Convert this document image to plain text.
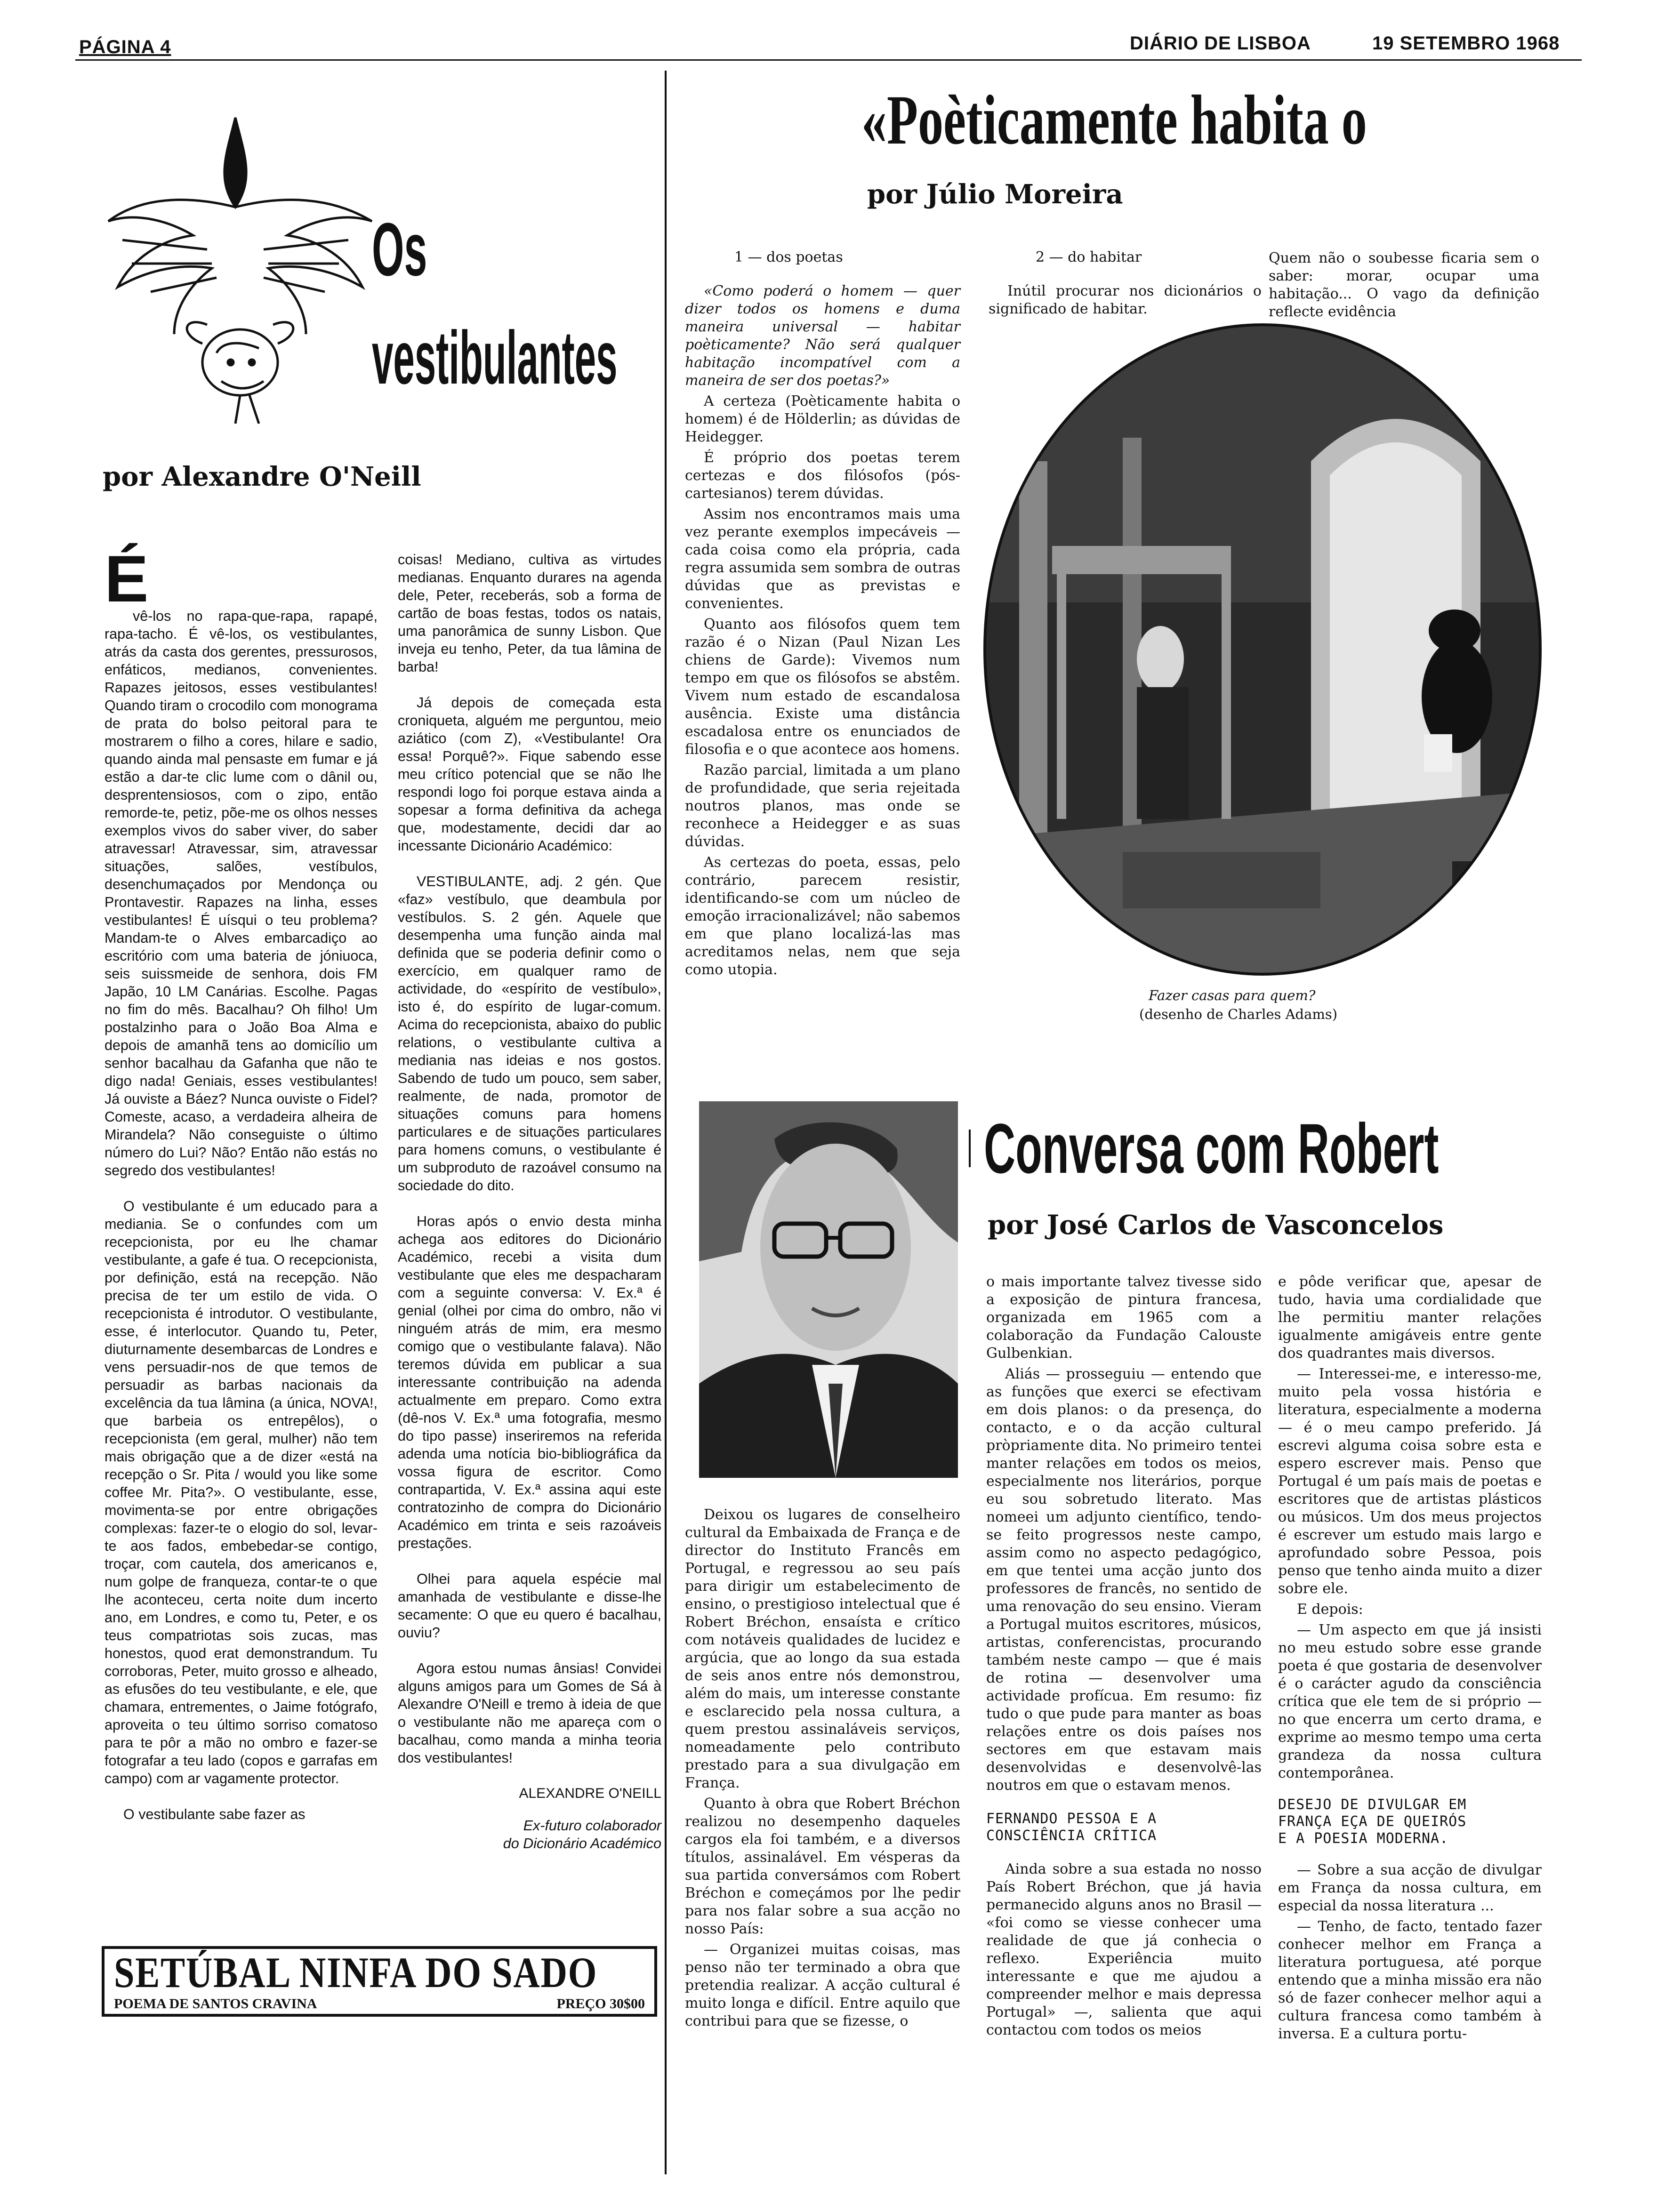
PÁGINA 4	DIÁRIO DE LISBOA	19 SETEMBRO 1968
Os
vestibulantes
por Alexandre O'Neill
É

vê-los no rapa-que-rapa, rapapé, rapa-tacho. É vê-los, os vestibulantes, atrás da casta dos gerentes, pressurosos, enfáticos, medianos, convenientes. Rapazes jeitosos, esses vestibulantes! Quando tiram o crocodilo com monograma de prata do bolso peitoral para te mostrarem o filho a cores, hilare e sadio, quando ainda mal pensaste em fumar e já estão a dar-te clic lume com o dânil ou, desprentensiosos, com o zipo, então remorde-te, petiz, põe-me os olhos nesses exemplos vivos do saber viver, do saber atravessar! Atravessar, sim, atravessar situações, salões, vestíbulos, desenchumaçados por Mendonça ou Prontavestir. Rapazes na linha, esses vestibulantes! É uísqui o teu problema? Mandam-te o Alves embarcadiço ao escritório com uma bateria de jóniuoca, seis suissmeide de senhora, dois FM Japão, 10 LM Canárias. Escolhe. Pagas no fim do mês. Bacalhau? Oh filho! Um postalzinho para o João Boa Alma e depois de amanhã tens ao domicílio um senhor bacalhau da Gafanha que não te digo nada! Geniais, esses vestibulantes! Já ouviste a Báez? Nunca ouviste o Fidel? Comeste, acaso, a verdadeira alheira de Mirandela? Não conseguiste o último número do Lui? Não? Então não estás no segredo dos vestibulantes!

O vestibulante é um educado para a mediania. Se o confundes com um recepcionista, por eu lhe chamar vestibulante, a gafe é tua. O recepcionista, por definição, está na recepção. Não precisa de ter um estilo de vida. O recepcionista é introdutor. O vestibulante, esse, é interlocutor. Quando tu, Peter, diuturnamente desembarcas de Londres e vens persuadir-nos de que temos de persuadir as barbas nacionais da excelência da tua lâmina (a única, NOVA!, que barbeia os entrepêlos), o recepcionista (em geral, mulher) não tem mais obrigação que a de dizer «está na recepção o Sr. Pita / would you like some coffee Mr. Pita?». O vestibulante, esse, movimenta-se por entre obrigações complexas: fazer-te o elogio do sol, levar-te aos fados, embebedar-se contigo, troçar, com cautela, dos americanos e, num golpe de franqueza, contar-te o que lhe aconteceu, certa noite dum incerto ano, em Londres, e como tu, Peter, e os teus compatriotas sois zucas, mas honestos, quod erat demonstrandum. Tu corroboras, Peter, muito grosso e alheado, as efusões do teu vestibulante, e ele, que chamara, entrementes, o Jaime fotógrafo, aproveita o teu último sorriso comatoso para te pôr a mão no ombro e fazer-se fotografar a teu lado (copos e garrafas em campo) com ar vagamente protector.

O vestibulante sabe fazer as

coisas! Mediano, cultiva as virtudes medianas. Enquanto durares na agenda dele, Peter, receberás, sob a forma de cartão de boas festas, todos os natais, uma panorâmica de sunny Lisbon. Que inveja eu tenho, Peter, da tua lâmina de barba!

Já depois de começada esta croniqueta, alguém me perguntou, meio aziático (com Z), «Vestibulante! Ora essa! Porquê?». Fique sabendo esse meu crítico potencial que se não lhe respondi logo foi porque estava ainda a sopesar a forma definitiva da achega que, modestamente, decidi dar ao incessante Dicionário Académico:

VESTIBULANTE, adj. 2 gén. Que «faz» vestíbulo, que deambula por vestíbulos. S. 2 gén. Aquele que desempenha uma função ainda mal definida que se poderia definir como o exercício, em qualquer ramo de actividade, do «espírito de vestíbulo», isto é, do espírito de lugar-comum. Acima do recepcionista, abaixo do public relations, o vestibulante cultiva a mediania nas ideias e nos gostos. Sabendo de tudo um pouco, sem saber, realmente, de nada, promotor de situações comuns para homens particulares e de situações particulares para homens comuns, o vestibulante é um subproduto de razoável consumo na sociedade do dito.

Horas após o envio desta minha achega aos editores do Dicionário Académico, recebi a visita dum vestibulante que eles me despacharam com a seguinte conversa: V. Ex.ª é genial (olhei por cima do ombro, não vi ninguém atrás de mim, era mesmo comigo que o vestibulante falava). Não teremos dúvida em publicar a sua interessante contribuição na adenda actualmente em preparo. Como extra (dê-nos V. Ex.ª uma fotografia, mesmo do tipo passe) inseriremos na referida adenda uma notícia bio-bibliográfica da vossa figura de escritor. Como contrapartida, V. Ex.ª assina aqui este contratozinho de compra do Dicionário Académico em trinta e seis razoáveis prestações.

Olhei para aquela espécie mal amanhada de vestibulante e disse-lhe secamente: O que eu quero é bacalhau, ouviu?

Agora estou numas ânsias! Convidei alguns amigos para um Gomes de Sá à Alexandre O'Neill e tremo à ideia de que o vestibulante não me apareça com o bacalhau, como manda a minha teoria dos vestibulantes!

ALEXANDRE O'NEILL
Ex-futuro colaborador
do Dicionário Académico
SETÚBAL NINFA DO SADO
POEMA DE SANTOS CRAVINA	PREÇO 30$00
«Poèticamente habita o
por Júlio Moreira
1 — dos poetas	2 — do habitar

«Como poderá o homem — quer dizer todos os homens e duma maneira universal — habitar poèticamente? Não será qualquer habitação incompatível com a maneira de ser dos poetas?»

A certeza (Poèticamente habita o homem) é de Hölderlin; as dúvidas de Heidegger.

É próprio dos poetas terem certezas e dos filósofos (pós-cartesianos) terem dúvidas.

Assim nos encontramos mais uma vez perante exemplos impecáveis — cada coisa como ela própria, cada regra assumida sem sombra de outras dúvidas que as previstas e convenientes.

Quanto aos filósofos quem tem razão é o Nizan (Paul Nizan Les chiens de Garde): Vivemos num tempo em que os filósofos se abstêm. Vivem num estado de escandalosa ausência. Existe uma distância escadalosa entre os enunciados de filosofia e o que acontece aos homens.

Razão parcial, limitada a um plano de profundidade, que seria rejeitada noutros planos, mas onde se reconhece a Heidegger e as suas dúvidas.

As certezas do poeta, essas, pelo contrário, parecem resistir, identificando-se com um núcleo de emoção irracionalizável; não sabemos em que plano localizá-las mas acreditamos nelas, nem que seja como utopia.

Inútil procurar nos dicionários o significado de habitar.

Quem não o soubesse ficaria sem o saber: morar, ocupar uma habitação... O vago da definição reflecte evidência

Fazer casas para quem?
(desenho de Charles Adams)
Conversa com Robert
por José Carlos de Vasconcelos

Deixou os lugares de conselheiro cultural da Embaixada de França e de director do Instituto Francês em Portugal, e regressou ao seu país para dirigir um estabelecimento de ensino, o prestigioso intelectual que é Robert Bréchon, ensaísta e crítico com notáveis qualidades de lucidez e argúcia, que ao longo da sua estada de seis anos entre nós demonstrou, além do mais, um interesse constante e esclarecido pela nossa cultura, a quem prestou assinaláveis serviços, nomeadamente pelo contributo prestado para a sua divulgação em França.

Quanto à obra que Robert Bréchon realizou no desempenho daqueles cargos ela foi também, e a diversos títulos, assinalável. Em vésperas da sua partida conversámos com Robert Bréchon e começámos por lhe pedir para nos falar sobre a sua acção no nosso País:

— Organizei muitas coisas, mas penso não ter terminado a obra que pretendia realizar. A acção cultural é muito longa e difícil. Entre aquilo que contribui para que se fizesse, o

o mais importante talvez tivesse sido a exposição de pintura francesa, organizada em 1965 com a colaboração da Fundação Calouste Gulbenkian.

Aliás — prosseguiu — entendo que as funções que exerci se efectivam em dois planos: o da presença, do contacto, e o da acção cultural pròpriamente dita. No primeiro tentei manter relações em todos os meios, especialmente nos literários, porque eu sou sobretudo literato. Mas nomeei um adjunto científico, tendo-se feito progressos neste campo, assim como no aspecto pedagógico, em que tentei uma acção junto dos professores de francês, no sentido de uma renovação do seu ensino. Vieram a Portugal muitos escritores, músicos, artistas, conferencistas, procurando também neste campo — que é mais de rotina — desenvolver uma actividade profícua. Em resumo: fiz tudo o que pude para manter as boas relações entre os dois países nos sectores em que estavam mais desenvolvidas e desenvolvê-las noutros em que o estavam menos.

FERNANDO PESSOA E A
CONSCIÊNCIA CRÍTICA

Ainda sobre a sua estada no nosso País Robert Bréchon, que já havia permanecido alguns anos no Brasil — «foi como se viesse conhecer uma realidade de que já conhecia o reflexo. Experiência muito interessante e que me ajudou a compreender melhor e mais depressa Portugal» —, salienta que aqui contactou com todos os meios

e pôde verificar que, apesar de tudo, havia uma cordialidade que lhe permitiu manter relações igualmente amigáveis entre gente dos quadrantes mais diversos.

— Interessei-me, e interesso-me, muito pela vossa história e literatura, especialmente a moderna — é o meu campo preferido. Já escrevi alguma coisa sobre esta e espero escrever mais. Penso que Portugal é um país mais de poetas e escritores que de artistas plásticos ou músicos. Um dos meus projectos é escrever um estudo mais largo e aprofundado sobre Pessoa, pois penso que tenho ainda muito a dizer sobre ele.

E depois:

— Um aspecto em que já insisti no meu estudo sobre esse grande poeta é que gostaria de desenvolver é o carácter agudo da consciência crítica que ele tem de si próprio — no que encerra um certo drama, e exprime ao mesmo tempo uma certa grandeza da nossa cultura contemporânea.

DESEJO DE DIVULGAR EM
FRANÇA EÇA DE QUEIRÓS
E A POESIA MODERNA.

— Sobre a sua acção de divulgar em França da nossa cultura, em especial da nossa literatura ...

— Tenho, de facto, tentado fazer conhecer melhor em França a literatura portuguesa, até porque entendo que a minha missão era não só de fazer conhecer melhor aqui a cultura francesa como também à inversa. E a cultura portu-
